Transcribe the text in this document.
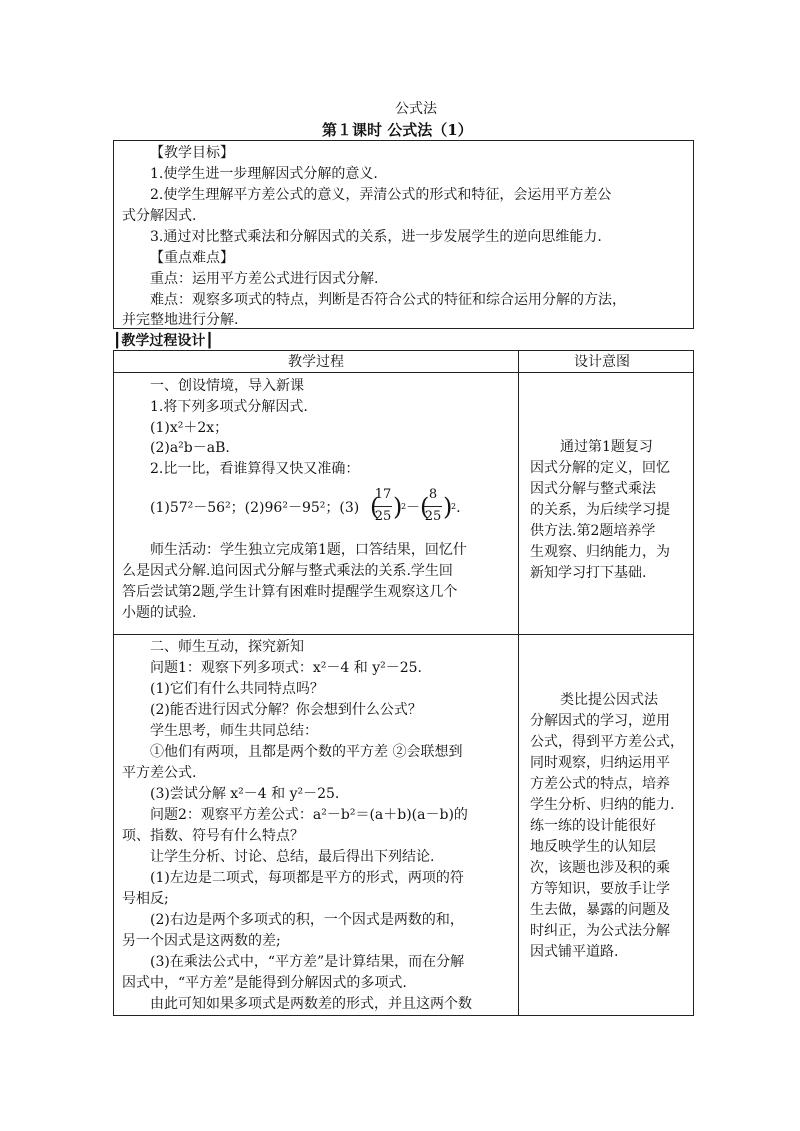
公式法
第１课时 公式法（1）
【教学目标】
1.使学生进一步理解因式分解的意义.
2.使学生理解平方差公式的意义，弄清公式的形式和特征，会运用平方差公
式分解因式.
3.通过对比整式乘法和分解因式的关系，进一步发展学生的逆向思维能力.
【重点难点】
重点：运用平方差公式进行因式分解.
难点：观察多项式的特点，判断是否符合公式的特征和综合运用分解的方法，
并完整地进行分解.
┃教学过程设计┃
教学过程	设计意图
一、创设情境，导入新课
1.将下列多项式分解因式.
(1)x²＋2x；
(2)a²b－aB.
2.比一比，看谁算得又快又准确：
(1)57²－56²；(2)96²－95²；(3) (
17
25 )
$^2$－ ( 8
25 )
$^2$.
师生活动：学生独立完成第1题，口答结果，回忆什
么是因式分解.追问因式分解与整式乘法的关系.学生回
答后尝试第2题,学生计算有困难时提醒学生观察这几个
小题的试验.
通过第1题复习
因式分解的定义，回忆
因式分解与整式乘法
的关系，为后续学习提
供方法.第2题培养学
生观察、归纳能力，为
新知学习打下基础.
二、师生互动，探究新知
问题1：观察下列多项式：x²－4 和 y²－25.
(1)它们有什么共同特点吗？
(2)能否进行因式分解？你会想到什么公式？
学生思考，师生共同总结：
①他们有两项，且都是两个数的平方差 ②会联想到
平方差公式.
(3)尝试分解 x²－4 和 y²－25.
问题2：观察平方差公式：a²－b²＝(a＋b)(a－b)的
项、指数、符号有什么特点？
让学生分析、讨论、总结，最后得出下列结论.
(1)左边是二项式，每项都是平方的形式，两项的符
号相反;
(2)右边是两个多项式的积，一个因式是两数的和，
另一个因式是这两数的差;
(3)在乘法公式中，“平方差”是计算结果，而在分解
因式中，“平方差”是能得到分解因式的多项式.
由此可知如果多项式是两数差的形式，并且这两个数
类比提公因式法
分解因式的学习，逆用
公式，得到平方差公式，
同时观察，归纳运用平
方差公式的特点，培养
学生分析、归纳的能力.
练一练的设计能很好
地反映学生的认知层
次，该题也涉及积的乘
方等知识，要放手让学
生去做，暴露的问题及
时纠正，为公式法分解
因式铺平道路.
